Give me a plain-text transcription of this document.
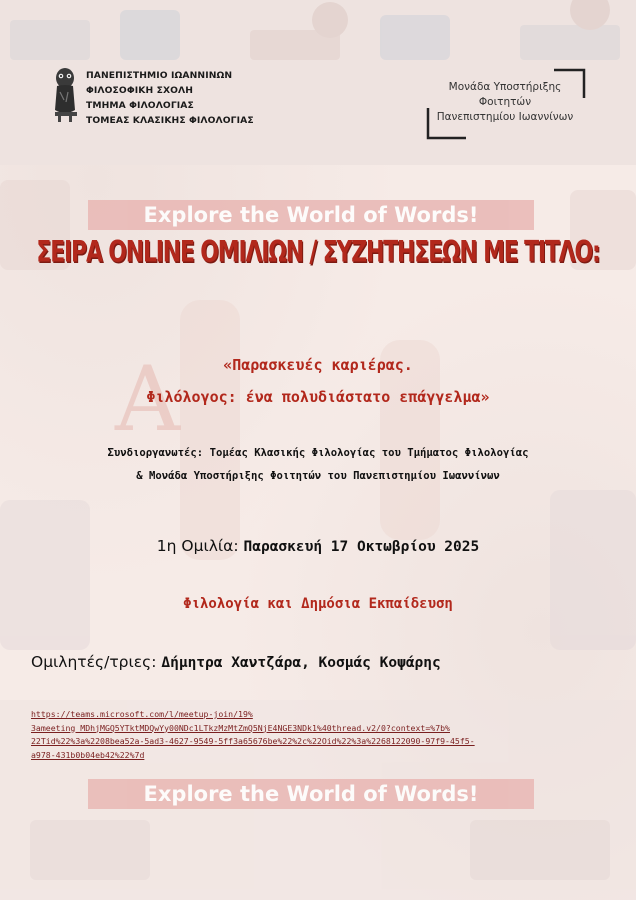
A
ΠΑΝΕΠΙΣΤΗΜΙΟ ΙΩΑΝΝΙΝΩΝ
ΦΙΛΟΣΟΦΙΚΗ ΣΧΟΛΗ
ΤΜΗΜΑ ΦΙΛΟΛΟΓΙΑΣ
ΤΟΜΕΑΣ ΚΛΑΣΙΚΗΣ ΦΙΛΟΛΟΓΙΑΣ
Μονάδα Υποστήριξης
Φοιτητών
Πανεπιστημίου Ιωαννίνων
Explore the World of Words!
ΣΕΙΡΑ ONLINE ΟΜΙΛΙΩΝ / ΣΥΖΗΤΗΣΕΩΝ ΜΕ ΤΙΤΛΟ:
«Παρασκευές καριέρας.
Φιλόλογος: ένα πολυδιάστατο επάγγελμα»
Συνδιοργανωτές: Τομέας Κλασικής Φιλολογίας του Τμήματος Φιλολογίας
& Μονάδα Υποστήριξης Φοιτητών του Πανεπιστημίου Ιωαννίνων
1η Ομιλία: Παρασκευή 17 Οκτωβρίου 2025
Φιλολογία και Δημόσια Εκπαίδευση
Ομιλητές/τριες: Δήμητρα Χαντζάρα, Κοσμάς Κοψάρης
https://teams.microsoft.com/l/meetup-join/19%
3ameeting_MDhjMGQ5YTktMDQwYy00NDc1LTkzMzMtZmQ5NjE4NGE3NDk1%40thread.v2/0?context=%7b%
22Tid%22%3a%2208bea52a-5ad3-4627-9549-5ff3a65676be%22%2c%22Oid%22%3a%2268122090-97f9-45f5-
a978-431b0b04eb42%22%7d
Explore the World of Words!
